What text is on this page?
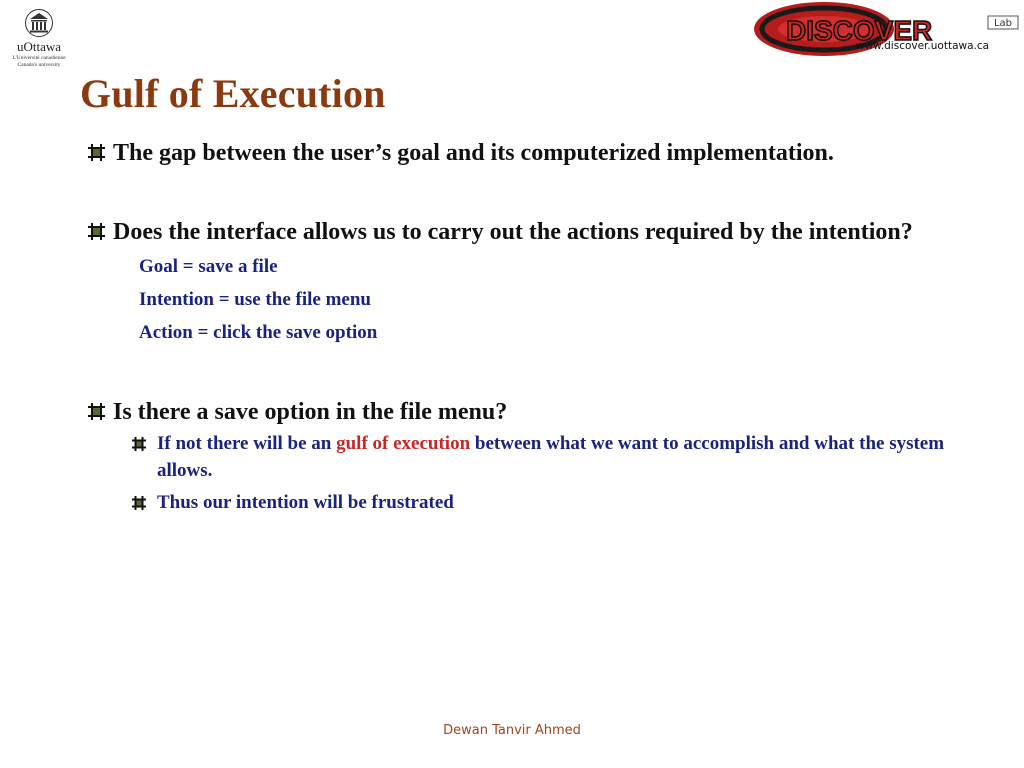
uOttawa
L'Université canadienne
Canada's university
DISCOVER	Lab
www.discover.uottawa.ca
Gulf of Execution
The gap between the user’s goal and its computerized implementation.
Does the interface allows us to carry out the actions required by the intention?
Goal = save a file
Intention = use the file menu
Action = click the save option
Is there a save option in the file menu?
If not there will be an gulf of execution between what we want to accomplish and what the system allows.
Thus our intention will be frustrated
Dewan Tanvir Ahmed
